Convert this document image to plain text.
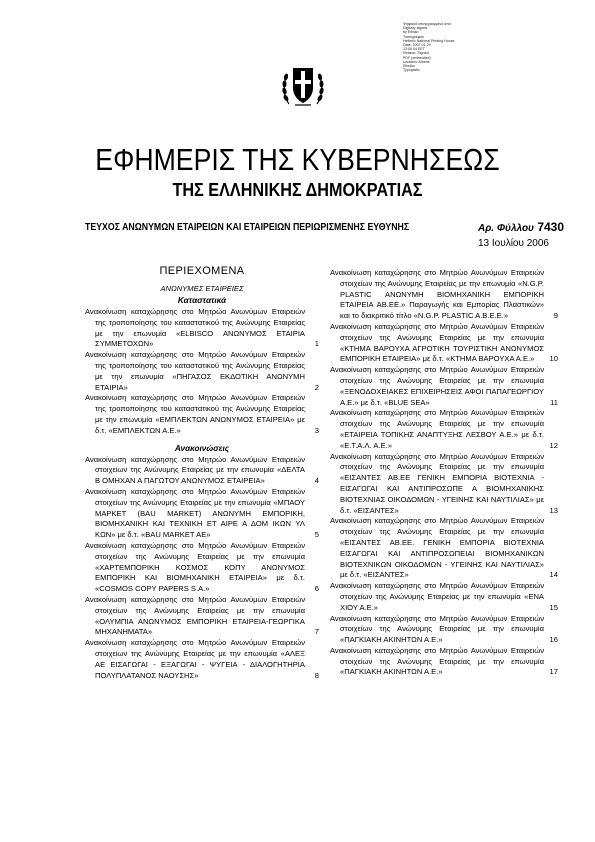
Ψηφιακά υπογεγραμμένο από
Digitally signed
by Εθνικό
Τυπογραφείο
Hellenic National Printing House
Date: 2007.01.29
13:00:04 EET
Reason: Signed
PDF (embedded)
Location: Athens
Ethniko
Typografio
ΕΦΗΜΕΡΙΣ ΤΗΣ ΚΥΒΕΡΝΗΣΕΩΣ
ΤΗΣ ΕΛΛΗΝΙΚΗΣ ΔΗΜΟΚΡΑΤΙΑΣ
ΤΕΥΧΟΣ ΑΝΩΝΥΜΩΝ ΕΤΑΙΡΕΙΩΝ ΚΑΙ ΕΤΑΙΡΕΙΩΝ ΠΕΡΙΩΡΙΣΜΕΝΗΣ ΕΥΘΥΝΗΣ	Αρ. Φύλλου 7430
13 Ιουλίου 2006
ΠΕΡΙΕΧΟΜΕΝΑ
ΑΝΩΝΥΜΕΣ ΕΤΑΙΡΕΙΕΣ
Καταστατικά
Ανακοίνωση καταχώρησης στο Μητρώο Ανωνύμων Εταιρειών της τροποποίησης του καταστατικού της Ανώνυμης Εταιρείας με την επωνυμία «ELBISCO ΑΝΩΝΥΜΟΣ ΕΤΑΙΡΙΑ ΣΥΜΜΕΤΟΧΩΝ»	1
Ανακοίνωση καταχώρησης στο Μητρώο Ανωνύμων Εταιρειών της τροποποίησης του καταστατικού της Ανώνυμης Εταιρείας με την επωνυμία «ΠΗΓΑΣΟΣ ΕΚΔΟΤΙΚΗ ΑΝΩΝΥΜΗ ΕΤΑΙΡΙΑ»	2
Ανακοίνωση καταχώρησης στο Μητρώο Ανωνύμων Εταιρειών της τροποποίησης του καταστατικού της Ανώνυμης Εταιρείας με την επωνυμία «ΕΜΠΛΕΚΤΩΝ ΑΝΩΝΥΜΟΣ ΕΤΑΙΡΕΙΑ» με δ.τ. «ΕΜΠΛΕΚΤΩΝ Α.Ε.»	3
Ανακοινώσεις
Ανακοίνωση καταχώρησης στο Μητρώο Ανωνύμων Εταιρειών στοιχείων της Ανώνυμης Εταιρείας με την επωνυμία «ΔΕΛΤΑ Β ΟΜΗΧΑΝ Α ΠΑΓΩΤΟΥ ΑΝΩΝΥΜΟΣ ΕΤΑΙΡΕΙΑ»	4
Ανακοίνωση καταχώρησης στο Μητρώο Ανωνύμων Εταιρειών στοιχείων της Ανώνυμης Εταιρείας με την επωνυμία «ΜΠΑΟΥ ΜΑΡΚΕΤ (BAU MARKET) ΑΝΩΝΥΜΗ ΕΜΠΟΡΙΚΗ, ΒΙΟΜΗΧΑΝΙΚΗ ΚΑΙ ΤΕΧΝΙΚΗ ΕΤ ΑΙΡΕ Α ΔΟΜ ΙΚΩΝ ΥΛ ΚΩΝ» με δ.τ. «BAU MARKET AE»	5
Ανακοίνωση καταχώρησης στο Μητρώο Ανωνύμων Εταιρειών στοιχείων της Ανώνυμης Εταιρείας με την επωνυμία «ΧΑΡΤΕΜΠΟΡΙΚΗ ΚΟΣΜΟΣ ΚΟΠΥ ΑΝΩΝΥΜΟΣ ΕΜΠΟΡΙΚΗ ΚΑΙ ΒΙΟΜΗΧΑΝΙΚΗ ΕΤΑΙΡΕΙΑ» με δ.τ. «COSMOS COPY PAPERS S.A.»	6
Ανακοίνωση καταχώρησης στο Μητρώο Ανωνύμων Εταιρειών στοιχείων της Ανώνυμης Εταιρείας με την επωνυμία «ΟΛΥΜΠΙΑ ΑΝΩΝΥΜΟΣ ΕΜΠΟΡΙΚΗ ΕΤΑΙΡΕΙΑ-ΓΕΩΡΓΙΚΑ ΜΗΧΑΝΗΜΑΤΑ»	7
Ανακοίνωση καταχώρησης στο Μητρώο Ανωνύμων Εταιρειών στοιχείων της Ανώνυμης Εταιρείας με την επωνυμία «ΑΛΕΞ ΑΕ ΕΙΣΑΓΩΓΑΙ - ΕΞΑΓΩΓΑΙ - ΨΥΓΕΙΑ - ΔΙΑΛΟΓΗΤΗΡΙΑ ΠΟΛΥΠΛΑΤΑΝΟΣ ΝΑΟΥΣΗΣ»	8
Ανακοίνωση καταχώρησης στο Μητρώο Ανωνύμων Εταιρειών στοιχείων της Ανώνυμης Εταιρείας με την επωνυμία «N.G.P. PLASTIC ΑΝΩΝΥΜΗ ΒΙΟΜΗΧΑΝΙΚΗ ΕΜΠΟΡΙΚΗ ΕΤΑΙΡΕΙΑ ΑΒ.ΕΕ.» Παραγωγής και Εμπορίας Πλαστικών» και το διακριτικό τίτλο «N.G.P. PLASTIC A.B.E.E.»	9
Ανακοίνωση καταχώρησης στο Μητρώο Ανωνύμων Εταιρειών στοιχείων της Ανώνυμης Εταιρείας με την επωνυμία «ΚΤΗΜΑ ΒΑΡΟΥΧΑ ΑΓΡΟΤΙΚΗ ΤΟΥΡΙΣΤΙΚΗ ΑΝΩΝΥΜΟΣ ΕΜΠΟΡΙΚΗ ΕΤΑΙΡΕΙΑ» με δ.τ. «ΚΤΗΜΑ ΒΑΡΟΥΧΑ Α.Ε.»	10
Ανακοίνωση καταχώρησης στο Μητρώο Ανωνύμων Εταιρειών στοιχείων της Ανώνυμης Εταιρείας με την επωνυμία «ΞΕΝΟΔΟΧΕΙΑΚΕΣ ΕΠΙΧΕΙΡΗΣΕΙΣ ΑΦΟΙ ΠΑΠΑΓΕΩΡΓΙΟΥ Α.Ε.» με δ.τ. «BLUE SEA»	11
Ανακοίνωση καταχώρησης στο Μητρώο Ανωνύμων Εταιρειών στοιχείων της Ανώνυμης Εταιρείας με την επωνυμία «ΕΤΑΙΡΕΙΑ ΤΟΠΙΚΗΣ ΑΝΑΠΤΥΞΗΣ ΛΕΣΒΟΥ Α.Ε.» με δ.τ. «Ε.Τ.Α.Λ. Α.Ε.»	12
Ανακοίνωση καταχώρησης στο Μητρώο Ανωνύμων Εταιρειών στοιχείων της Ανώνυμης Εταιρείας με την επωνυμία «ΕΙΣΑΝΤΕΣ ΑΒ.ΕΕ ΓΕΝΙΚΗ ΕΜΠΟΡΙΑ ΒΙΟΤΕΧΝΙΑ - ΕΙΣΑΓΩΓΑΙ ΚΑΙ ΑΝΤΙΠΡΟΣΩΠΕ Α ΒΙΟΜΗΧΑΝΙΚΗΣ ΒΙΟΤΕΧΝΙΑΣ ΟΙΚΟΔΟΜΩΝ - ΥΓΕΙΝΗΣ ΚΑΙ ΝΑΥΤΙΛΙΑΣ» με δ.τ. «ΕΙΣΑΝΤΕΣ»	13
Ανακοίνωση καταχώρησης στο Μητρώο Ανωνύμων Εταιρειών στοιχείων της Ανώνυμης Εταιρείας με την επωνυμία «ΕΙΣΑΝΤΕΣ ΑΒ.ΕΕ. ΓΕΝΙΚΗ ΕΜΠΟΡΙΑ ΒΙΟΤΕΧΝΙΑ ΕΙΣΑΓΩΓΑΙ ΚΑΙ ΑΝΤΙΠΡΟΣΩΠΕΙΑΙ ΒΙΟΜΗΧΑΝΙΚΩΝ ΒΙΟΤΕΧΝΙΚΩΝ ΟΙΚΟΔΟΜΩΝ - ΥΓΕΙΝΗΣ ΚΑΙ ΝΑΥΤΙΛΙΑΣ» με δ.τ. «ΕΙΣΑΝΤΕΣ»	14
Ανακοίνωση καταχώρησης στο Μητρώο Ανωνύμων Εταιρειών στοιχείων της Ανώνυμης Εταιρείας με την επωνυμία «ΕΝΑ ΧΙΟΥ Α.Ε.»	15
Ανακοίνωση καταχώρησης στο Μητρώο Ανωνύμων Εταιρειών στοιχείων της Ανώνυμης Εταιρείας με την επωνυμία «ΠΑΓΚΙΑΚΗ ΑΚΙΝΗΤΩΝ Α.Ε.»	16
Ανακοίνωση καταχώρησης στο Μητρώο Ανωνύμων Εταιρειών στοιχείων της Ανώνυμης Εταιρείας με την επωνυμία «ΠΑΓΚΙΑΚΗ ΑΚΙΝΗΤΩΝ Α.Ε.»	17
